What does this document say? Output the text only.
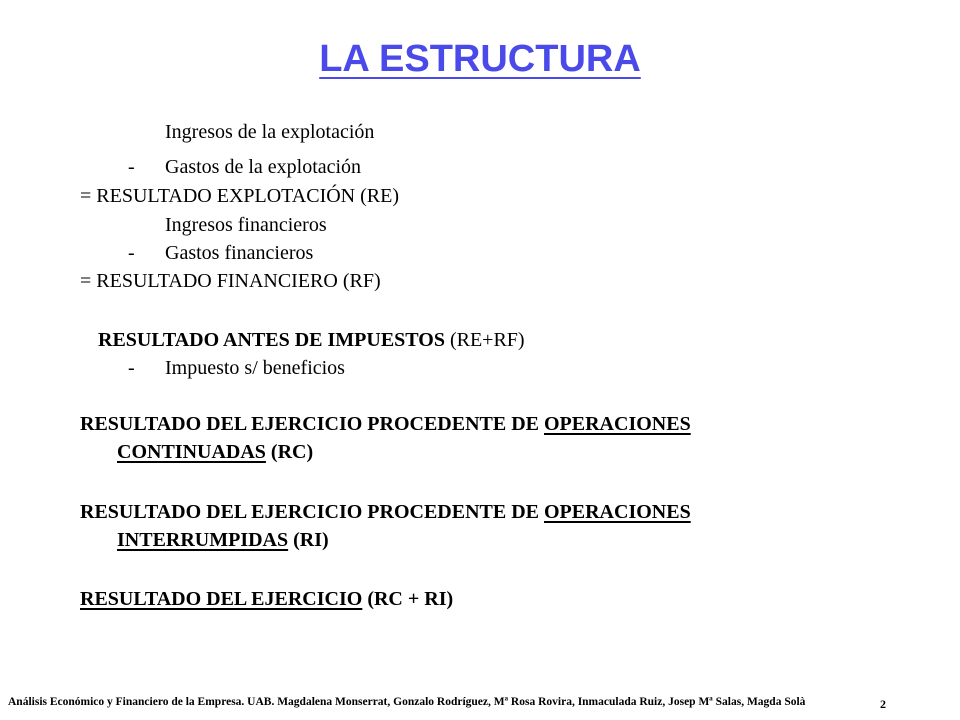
LA ESTRUCTURA
Ingresos de la explotación
- Gastos de la explotación
= RESULTADO EXPLOTACIÓN (RE)
Ingresos financieros
- Gastos financieros
= RESULTADO FINANCIERO (RF)
RESULTADO ANTES DE IMPUESTOS (RE+RF)
- Impuesto s/ beneficios
RESULTADO DEL EJERCICIO PROCEDENTE DE OPERACIONES
CONTINUADAS (RC)
RESULTADO DEL EJERCICIO PROCEDENTE DE OPERACIONES
INTERRUMPIDAS (RI)
RESULTADO DEL EJERCICIO (RC + RI)
Análisis Económico y Financiero de la Empresa. UAB. Magdalena Monserrat, Gonzalo Rodríguez, Mª Rosa Rovira, Inmaculada Ruiz, Josep Mª Salas, Magda Solà	2
